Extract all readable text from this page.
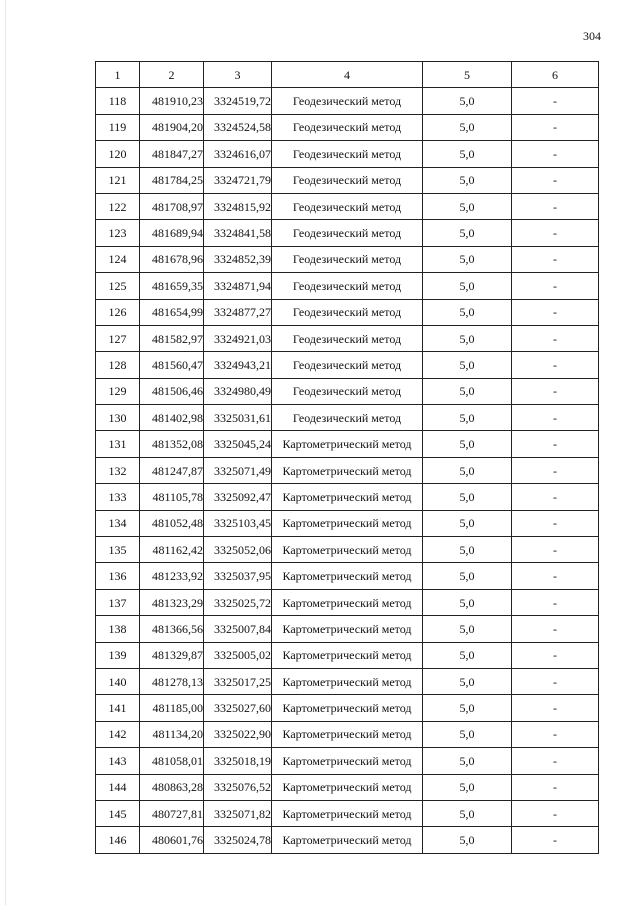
304
1	2	3	4	5	6
118	481910,23	3324519,72	Геодезический метод	5,0	-
119	481904,20	3324524,58	Геодезический метод	5,0	-
120	481847,27	3324616,07	Геодезический метод	5,0	-
121	481784,25	3324721,79	Геодезический метод	5,0	-
122	481708,97	3324815,92	Геодезический метод	5,0	-
123	481689,94	3324841,58	Геодезический метод	5,0	-
124	481678,96	3324852,39	Геодезический метод	5,0	-
125	481659,35	3324871,94	Геодезический метод	5,0	-
126	481654,99	3324877,27	Геодезический метод	5,0	-
127	481582,97	3324921,03	Геодезический метод	5,0	-
128	481560,47	3324943,21	Геодезический метод	5,0	-
129	481506,46	3324980,49	Геодезический метод	5,0	-
130	481402,98	3325031,61	Геодезический метод	5,0	-
131	481352,08	3325045,24	Картометрический метод	5,0	-
132	481247,87	3325071,49	Картометрический метод	5,0	-
133	481105,78	3325092,47	Картометрический метод	5,0	-
134	481052,48	3325103,45	Картометрический метод	5,0	-
135	481162,42	3325052,06	Картометрический метод	5,0	-
136	481233,92	3325037,95	Картометрический метод	5,0	-
137	481323,29	3325025,72	Картометрический метод	5,0	-
138	481366,56	3325007,84	Картометрический метод	5,0	-
139	481329,87	3325005,02	Картометрический метод	5,0	-
140	481278,13	3325017,25	Картометрический метод	5,0	-
141	481185,00	3325027,60	Картометрический метод	5,0	-
142	481134,20	3325022,90	Картометрический метод	5,0	-
143	481058,01	3325018,19	Картометрический метод	5,0	-
144	480863,28	3325076,52	Картометрический метод	5,0	-
145	480727,81	3325071,82	Картометрический метод	5,0	-
146	480601,76	3325024,78	Картометрический метод	5,0	-
